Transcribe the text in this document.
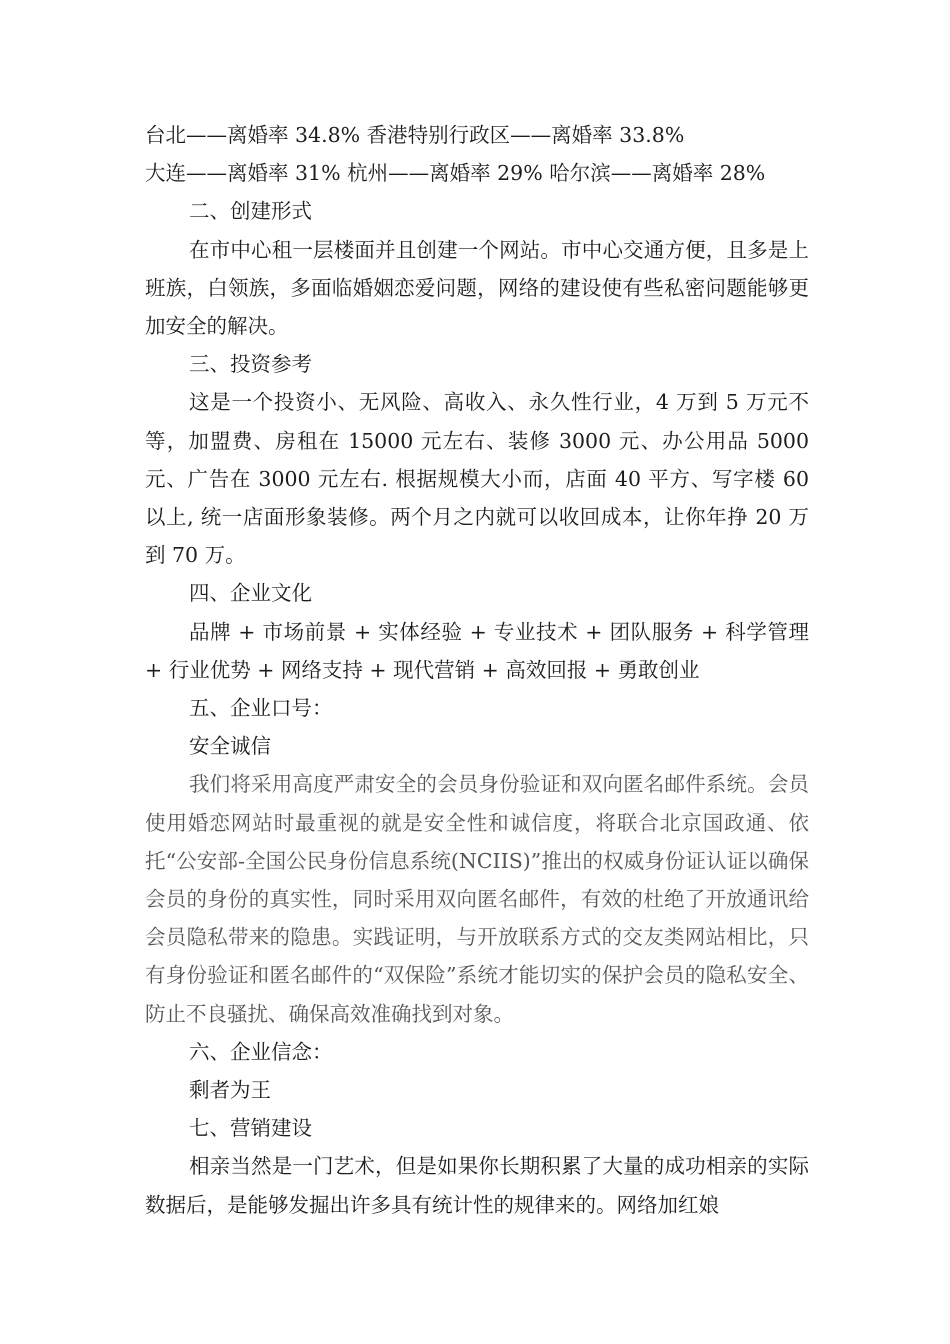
台北——离婚率 34.8% 香港特别行政区——离婚率 33.8%

大连——离婚率 31% 杭州——离婚率 29% 哈尔滨——离婚率 28%

二、创建形式

在市中心租一层楼面并且创建一个网站。市中心交通方便，且多是上班族，白领族，多面临婚姻恋爱问题，网络的建设使有些私密问题能够更加安全的解决。

三、投资参考

这是一个投资小、无风险、高收入、永久性行业，4 万到 5 万元不等，加盟费、房租在 15000 元左右、装修 3000 元、办公用品 5000 元、广告在 3000 元左右. 根据规模大小而，店面 40 平方、写字楼 60 以上, 统一店面形象装修。两个月之内就可以收回成本，让你年挣 20 万到 70 万。

四、企业文化

品牌 + 市场前景 + 实体经验 + 专业技术 + 团队服务 + 科学管理 + 行业优势 + 网络支持 + 现代营销 + 高效回报 + 勇敢创业

五、企业口号：

安全诚信

我们将采用高度严肃安全的会员身份验证和双向匿名邮件系统。会员使用婚恋网站时最重视的就是安全性和诚信度，将联合北京国政通、依托“公安部-全国公民身份信息系统(NCIIS)”推出的权威身份证认证以确保会员的身份的真实性，同时采用双向匿名邮件，有效的杜绝了开放通讯给会员隐私带来的隐患。实践证明，与开放联系方式的交友类网站相比，只有身份验证和匿名邮件的“双保险”系统才能切实的保护会员的隐私安全、防止不良骚扰、确保高效准确找到对象。

六、企业信念：

剩者为王

七、营销建设

相亲当然是一门艺术，但是如果你长期积累了大量的成功相亲的实际数据后，是能够发掘出许多具有统计性的规律来的。网络加红娘
